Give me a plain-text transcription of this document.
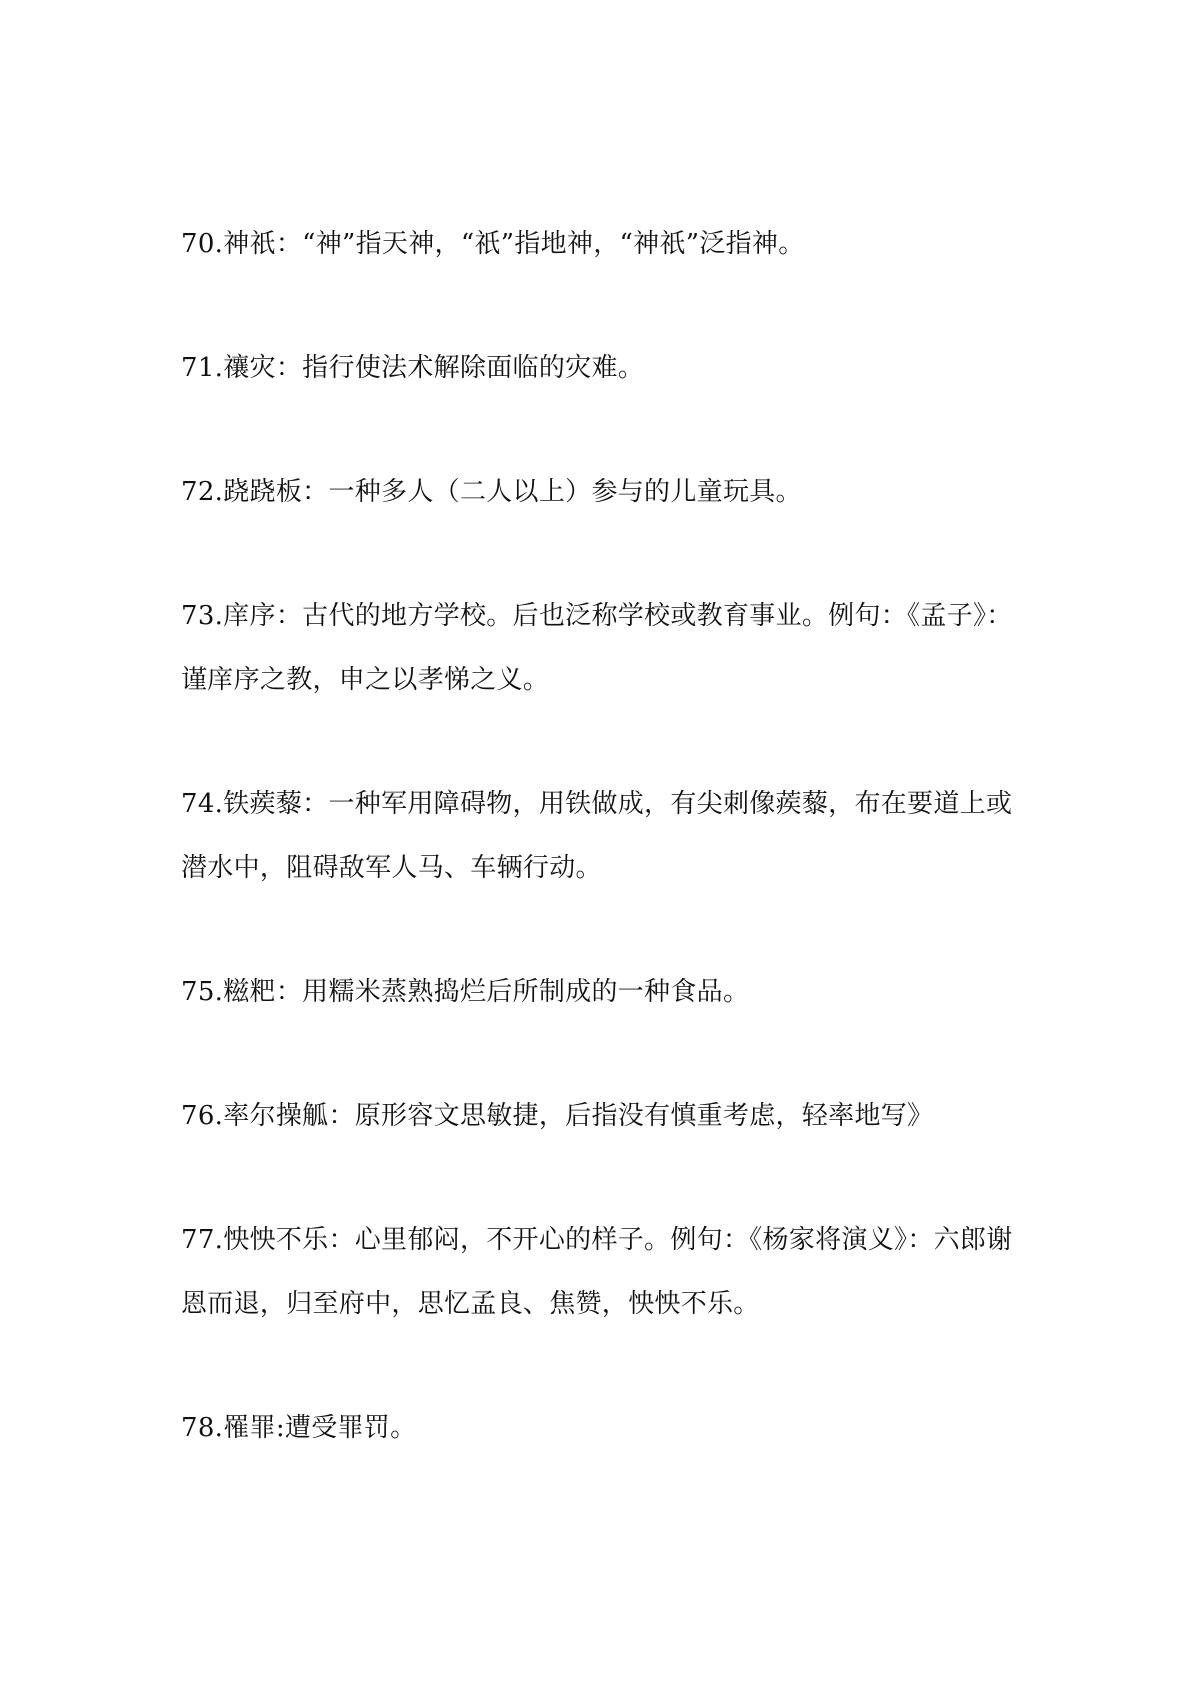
70.神祇：“神”指天神，“祇”指地神，“神祇”泛指神。

71.禳灾：指行使法术解除面临的灾难。

72.跷跷板：一种多人（二人以上）参与的儿童玩具。

73.庠序：古代的地方学校。后也泛称学校或教育事业。例句：《孟子》：

谨庠序之教，申之以孝悌之义。

74.铁蒺藜：一种军用障碍物，用铁做成，有尖刺像蒺藜，布在要道上或

潜水中，阻碍敌军人马、车辆行动。

75.糍粑：用糯米蒸熟捣烂后所制成的一种食品。

76.率尔操觚：原形容文思敏捷，后指没有慎重考虑，轻率地写》

77.怏怏不乐：心里郁闷，不开心的样子。例句：《杨家将演义》：六郎谢

恩而退，归至府中，思忆孟良、焦赞，怏怏不乐。

78.罹罪:遭受罪罚。
